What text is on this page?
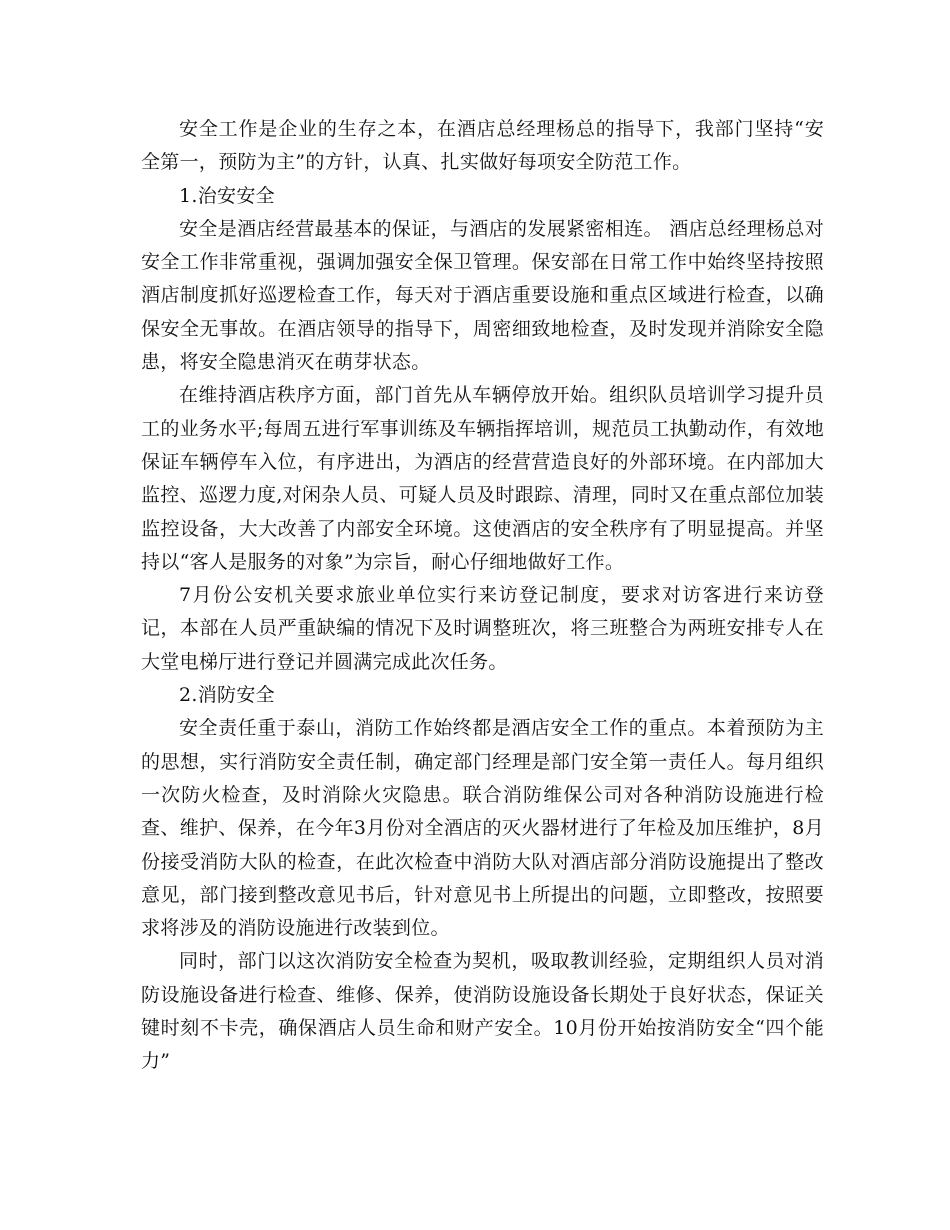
安全工作是企业的生存之本，在酒店总经理杨总的指导下，我部门坚持“安全第一，预防为主”的方针，认真、扎实做好每项安全防范工作。

1.治安安全

安全是酒店经营最基本的保证，与酒店的发展紧密相连。 酒店总经理杨总对安全工作非常重视，强调加强安全保卫管理。保安部在日常工作中始终坚持按照酒店制度抓好巡逻检查工作，每天对于酒店重要设施和重点区域进行检查，以确保安全无事故。在酒店领导的指导下，周密细致地检查，及时发现并消除安全隐患，将安全隐患消灭在萌芽状态。

在维持酒店秩序方面，部门首先从车辆停放开始。组织队员培训学习提升员工的业务水平;每周五进行军事训练及车辆指挥培训，规范员工执勤动作，有效地保证车辆停车入位，有序进出，为酒店的经营营造良好的外部环境。在内部加大监控、巡逻力度,对闲杂人员、可疑人员及时跟踪、清理，同时又在重点部位加装监控设备，大大改善了内部安全环境。这使酒店的安全秩序有了明显提高。并坚持以“客人是服务的对象”为宗旨，耐心仔细地做好工作。

7月份公安机关要求旅业单位实行来访登记制度，要求对访客进行来访登记，本部在人员严重缺编的情况下及时调整班次，将三班整合为两班安排专人在大堂电梯厅进行登记并圆满完成此次任务。

2.消防安全

安全责任重于泰山，消防工作始终都是酒店安全工作的重点。本着预防为主的思想，实行消防安全责任制，确定部门经理是部门安全第一责任人。每月组织一次防火检查，及时消除火灾隐患。联合消防维保公司对各种消防设施进行检查、维护、保养，在今年3月份对全酒店的灭火器材进行了年检及加压维护，8月份接受消防大队的检查，在此次检查中消防大队对酒店部分消防设施提出了整改意见，部门接到整改意见书后，针对意见书上所提出的问题，立即整改，按照要求将涉及的消防设施进行改装到位。

同时，部门以这次消防安全检查为契机，吸取教训经验，定期组织人员对消防设施设备进行检查、维修、保养，使消防设施设备长期处于良好状态，保证关键时刻不卡壳，确保酒店人员生命和财产安全。10月份开始按消防安全“四个能力”
